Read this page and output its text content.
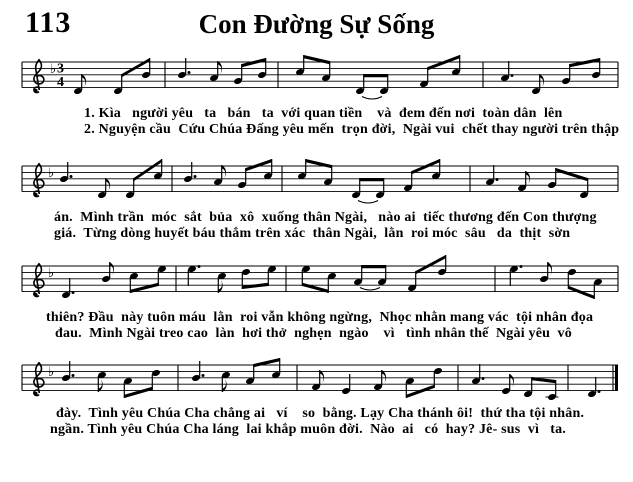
113	Con Đường Sự Sống
♭ 3
4
♭
♭
♭
1. Kìa   người yêu   ta   bán   ta  với quan tiền    và  đem đến nơi  toàn dân  lên
2. Nguyện cầu  Cứu Chúa Đấng yêu mến  trọn đời,  Ngài vui  chết thay người trên thập
án.  Mình trần  móc  sắt  bủa  xô  xuống thân Ngài,   nào ai  tiếc thương đến Con thượng
giá.  Từng dòng huyết báu thắm trên xác  thân Ngài,  lằn  roi móc  sâu   da  thịt  sờn
thiên? Đầu  này tuôn máu  lằn  roi vẫn không ngừng,  Nhọc nhằn mang vác  tội nhân đọa
đau.  Mình Ngài treo cao  làn  hơi thở  nghẹn  ngào    vì   tình nhân thế  Ngài yêu  vô
đày.  Tình yêu Chúa Cha chẳng ai   ví    so  bằng. Lạy Cha thánh ôi!  thứ tha tội nhân.
ngần. Tình yêu Chúa Cha láng  lai khắp muôn đời.  Nào  ai   có  hay? Jê- sus  vì   ta.
